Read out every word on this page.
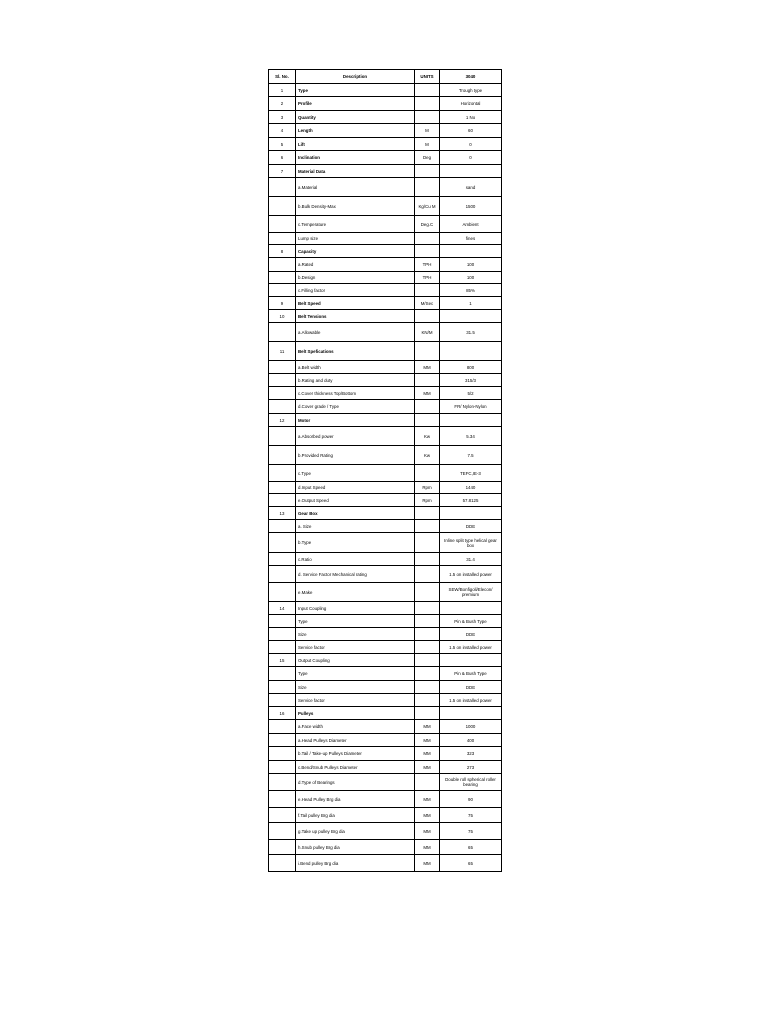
Sl. No.	Description	UNITS	3040
1	Type		Trough type
2	Profile		Horizontal
3	Quantity		1 No
4	Length	M	60
5	Lift	M	0
6	Inclination	Deg	0
7	Material Data		
	a.Material		sand
	b.Bulk Density-Max	Kg/Cu M	1500
	c.Temperature	Deg.C	Ambient
	Lump size		fines
8	Capacity		
	a.Rated	TPH	100
	b.Design	TPH	100
	c.Filling factor		85%
9	Belt Speed	M/Sec	1
10	Belt Tensions		
	a.Allowable	KN/M	31.5
11	Belt Spefications		
	a.Belt width	MM	800
	b.Rating and duty		315/3
	c.Cover thickness Top/Bottom	MM	5/2
	d.Cover grade / Type		FR/ Nylon-Nylon
12	Motor		
	a.Absorbed power	Kw	5.34
	b.Provided Rating	Kw	7.5
	c.Type		TEFC,IE-3
	d.Input Speed	Rpm	1440
	e.Output Speed	Rpm	57.8125
13	Gear Box		
	a. Size		DDE
	b.Type		Inline split type helical gear box
	c.Ratio		31.4
	d. Service Factor Mechanical rating		1.5 on installed power
	e.Make		SEW/Bonfigoli/Elecon/ premium
14	Input Coupling		
	Type		Pin & Bush Type
	Size		DDE
	Service factor		1.5 on installed power
15	Output Coupling		
	Type		Pin & Bush Type
	Size		DDE
	Service factor		1.5 on installed power
16	Pulleys		
	a.Face width	MM	1000
	a.Head Pulleys Diameter	MM	400
	b.Tail / Take-up Pulleys Diameter	MM	323
	c.Bend/Snub Pulleys Diameter	MM	273
	d.Type of Bearings		Double roll spherical roller bearing
	e.Head Pulley Brg dia	MM	90
	f.Tail pulley Brg dia	MM	75
	g.Take up pulley Brg dia	MM	75
	h.Snub pulley Brg dia	MM	65
	i.Bend pulley Brg dia	MM	65
